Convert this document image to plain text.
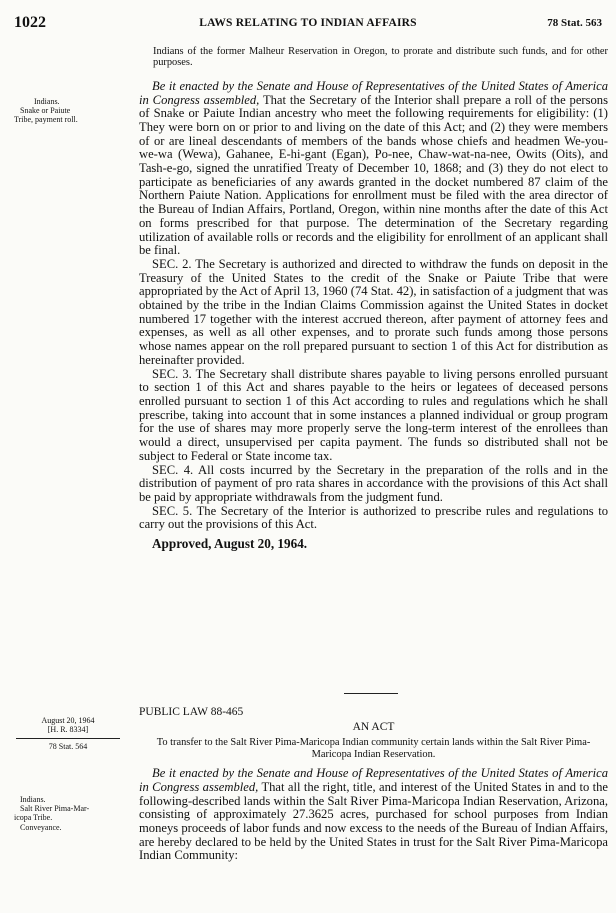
1022	LAWS RELATING TO INDIAN AFFAIRS	78 Stat. 563
Indians.
Snake or Paiute
Tribe, payment roll.
August 20, 1964
[H. R. 8334]
78 Stat. 564
Indians.
Salt River Pima-Mar-
icopa Tribe.
Conveyance.

Indians of the former Malheur Reservation in Oregon, to prorate and distribute such funds, and for other purposes.

Be it enacted by the Senate and House of Representatives of the United States of America in Congress assembled, That the Secretary of the Interior shall prepare a roll of the persons of Snake or Paiute Indian ancestry who meet the following requirements for eligibility: (1) They were born on or prior to and living on the date of this Act; and (2) they were members of or are lineal descendants of members of the bands whose chiefs and headmen We-you-we-wa (Wewa), Gahanee, E-hi-gant (Egan), Po-nee, Chaw-wat-na-nee, Owits (Oits), and Tash-e-go, signed the unratified Treaty of December 10, 1868; and (3) they do not elect to participate as beneficiaries of any awards granted in the docket numbered 87 claim of the Northern Paiute Nation. Applications for enrollment must be filed with the area director of the Bureau of Indian Affairs, Portland, Oregon, within nine months after the date of this Act on forms prescribed for that purpose. The determination of the Secretary regarding utilization of available rolls or records and the eligibility for enrollment of an applicant shall be final.

SEC. 2. The Secretary is authorized and directed to withdraw the funds on deposit in the Treasury of the United States to the credit of the Snake or Paiute Tribe that were appropriated by the Act of April 13, 1960 (74 Stat. 42), in satisfaction of a judgment that was obtained by the tribe in the Indian Claims Commission against the United States in docket numbered 17 together with the interest accrued thereon, after payment of attorney fees and expenses, as well as all other expenses, and to prorate such funds among those persons whose names appear on the roll prepared pursuant to section 1 of this Act for distribution as hereinafter provided.

SEC. 3. The Secretary shall distribute shares payable to living persons enrolled pursuant to section 1 of this Act and shares payable to the heirs or legatees of deceased persons enrolled pursuant to section 1 of this Act according to rules and regulations which he shall prescribe, taking into account that in some instances a planned individual or group program for the use of shares may more properly serve the long-term interest of the enrollees than would a direct, unsupervised per capita payment. The funds so distributed shall not be subject to Federal or State income tax.

SEC. 4. All costs incurred by the Secretary in the preparation of the rolls and in the distribution of payment of pro rata shares in accordance with the provisions of this Act shall be paid by appropriate withdrawals from the judgment fund.

SEC. 5. The Secretary of the Interior is authorized to prescribe rules and regulations to carry out the provisions of this Act.

Approved, August 20, 1964.

PUBLIC LAW 88-465
AN ACT

To transfer to the Salt River Pima-Maricopa Indian community certain lands within the Salt River Pima-Maricopa Indian Reservation.

Be it enacted by the Senate and House of Representatives of the United States of America in Congress assembled, That all the right, title, and interest of the United States in and to the following-described lands within the Salt River Pima-Maricopa Indian Reservation, Arizona, consisting of approximately 27.3625 acres, purchased for school purposes from Indian moneys proceeds of labor funds and now excess to the needs of the Bureau of Indian Affairs, are hereby declared to be held by the United States in trust for the Salt River Pima-Maricopa Indian Community:
